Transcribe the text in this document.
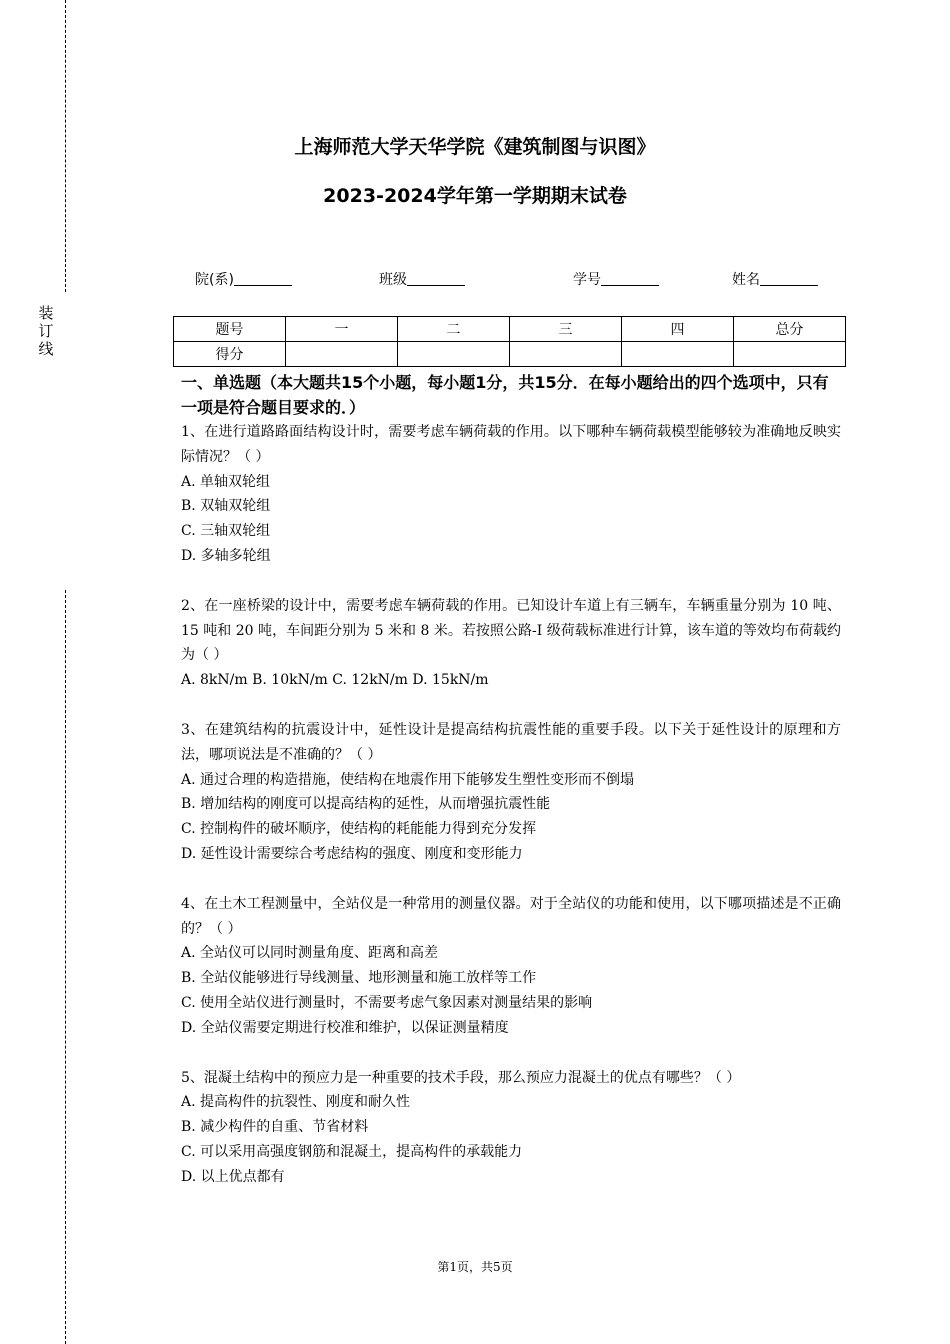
装
订
线
上海师范大学天华学院《建筑制图与识图》
2023-2024学年第一学期期末试卷
院(系)	班级	学号	姓名
题号	一	二	三	四	总分
得分					

一、单选题（本大题共15个小题，每小题1分，共15分．在每小题给出的四个选项中，只有一项是符合题目要求的．）

1、在进行道路路面结构设计时，需要考虑车辆荷载的作用。以下哪种车辆荷载模型能够较为准确地反映实际情况？（ ）

A. 单轴双轮组

B. 双轴双轮组

C. 三轴双轮组

D. 多轴多轮组

2、在一座桥梁的设计中，需要考虑车辆荷载的作用。已知设计车道上有三辆车，车辆重量分别为 10 吨、15 吨和 20 吨，车间距分别为 5 米和 8 米。若按照公路-I 级荷载标准进行计算，该车道的等效均布荷载约为（ ）

A. 8kN/m B. 10kN/m C. 12kN/m D. 15kN/m

3、在建筑结构的抗震设计中，延性设计是提高结构抗震性能的重要手段。以下关于延性设计的原理和方法，哪项说法是不准确的？（ ）

A. 通过合理的构造措施，使结构在地震作用下能够发生塑性变形而不倒塌

B. 增加结构的刚度可以提高结构的延性，从而增强抗震性能

C. 控制构件的破坏顺序，使结构的耗能能力得到充分发挥

D. 延性设计需要综合考虑结构的强度、刚度和变形能力

4、在土木工程测量中，全站仪是一种常用的测量仪器。对于全站仪的功能和使用，以下哪项描述是不正确的？（ ）

A. 全站仪可以同时测量角度、距离和高差

B. 全站仪能够进行导线测量、地形测量和施工放样等工作

C. 使用全站仪进行测量时，不需要考虑气象因素对测量结果的影响

D. 全站仪需要定期进行校准和维护，以保证测量精度

5、混凝土结构中的预应力是一种重要的技术手段，那么预应力混凝土的优点有哪些？（ ）

A. 提高构件的抗裂性、刚度和耐久性

B. 减少构件的自重、节省材料

C. 可以采用高强度钢筋和混凝土，提高构件的承载能力

D. 以上优点都有

第1页，共5页
